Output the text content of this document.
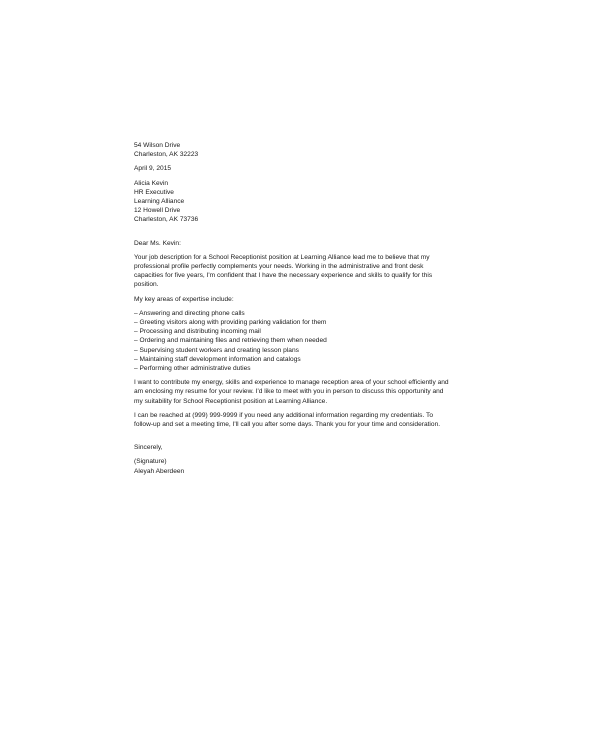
54 Wilson Drive
Charleston, AK 32223
April 9, 2015
Alicia Kevin
HR Executive
Learning Alliance
12 Howell Drive
Charleston, AK 73736
Dear Ms. Kevin:

Your job description for a School Receptionist position at Learning Alliance lead me to believe that my
professional profile perfectly complements your needs. Working in the administrative and front desk
capacities for five years, I'm confident that I have the necessary experience and skills to qualify for this
position.

My key areas of expertise include:
– Answering and directing phone calls
– Greeting visitors along with providing parking validation for them
– Processing and distributing incoming mail
– Ordering and maintaining files and retrieving them when needed
– Supervising student workers and creating lesson plans
– Maintaining staff development information and catalogs
– Performing other administrative duties

I want to contribute my energy, skills and experience to manage reception area of your school efficiently and
am enclosing my resume for your review. I'd like to meet with you in person to discuss this opportunity and
my suitability for School Receptionist position at Learning Alliance.

I can be reached at (999) 999-9999 if you need any additional information regarding my credentials. To
follow-up and set a meeting time, I'll call you after some days. Thank you for your time and consideration.

Sincerely,
(Signature)
Aleyah Aberdeen
